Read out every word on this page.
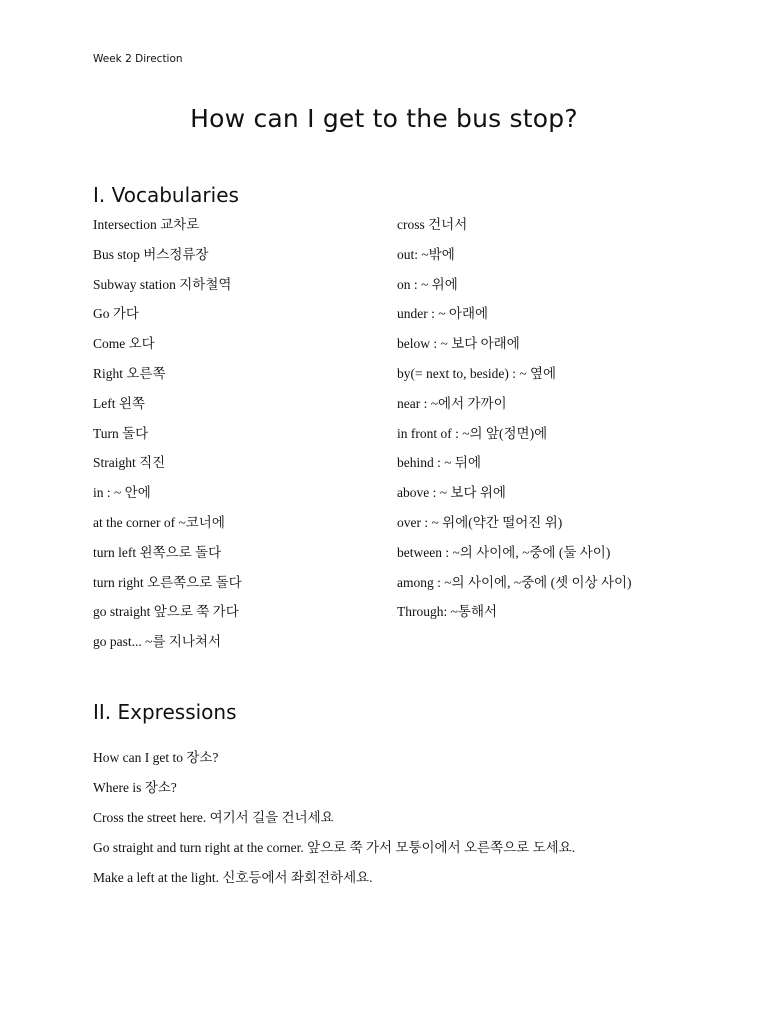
Week 2 Direction
How can I get to the bus stop?
I. Vocabularies
Intersection 교차로
Bus stop 버스정류장
Subway station 지하철역
Go 가다
Come 오다
Right 오른쪽
Left 왼쪽
Turn 돌다
Straight 직진
in : ~ 안에
at the corner of ~코너에
turn left 왼쪽으로 돌다
turn right 오른쪽으로 돌다
go straight 앞으로 쭉 가다
go past... ~를 지나쳐서
cross 건너서
out: ~밖에
on : ~ 위에
under : ~ 아래에
below : ~ 보다 아래에
by(= next to, beside) : ~ 옆에
near : ~에서 가까이
in front of : ~의 앞(정면)에
behind : ~ 뒤에
above : ~ 보다 위에
over : ~ 위에(약간 떨어진 위)
between : ~의 사이에, ~중에 (둘 사이)
among : ~의 사이에, ~중에 (셋 이상 사이)
Through: ~통해서
II. Expressions
How can I get to 장소?
Where is 장소?
Cross the street here. 여기서 길을 건너세요
Go straight and turn right at the corner. 앞으로 쭉 가서 모퉁이에서 오른쪽으로 도세요.
Make a left at the light. 신호등에서 좌회전하세요.
